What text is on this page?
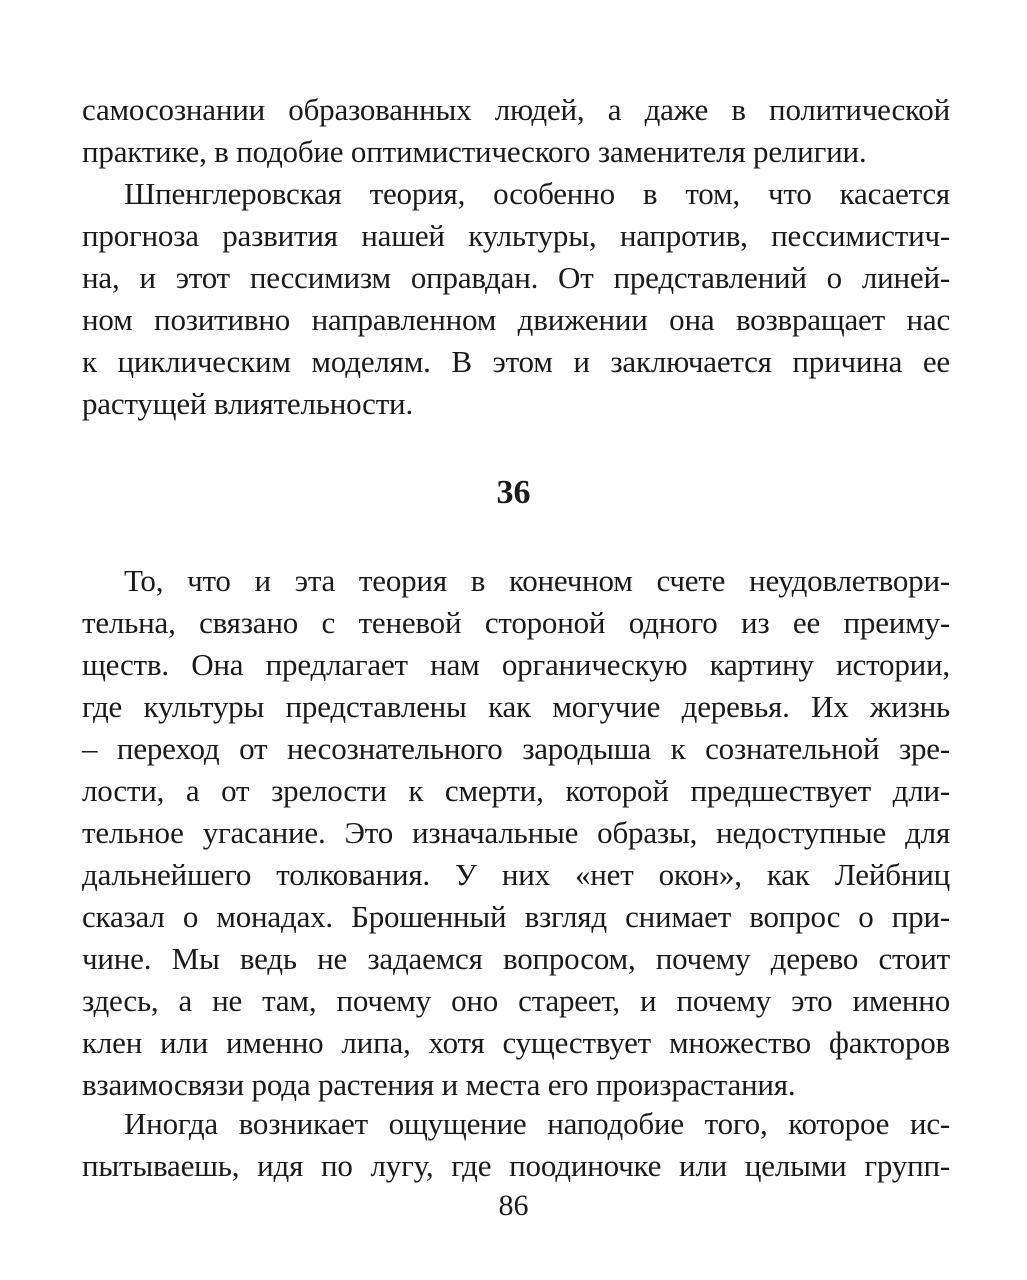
самосознании образованных людей, а даже в политической
практике, в подобие оптимистического заменителя религии.
Шпенглеровская теория, особенно в том, что касается
прогноза развития нашей культуры, напротив, пессимистич-
на, и этот пессимизм оправдан. От представлений о линей-
ном позитивно направленном движении она возвращает нас
к циклическим моделям. В этом и заключается причина ее
растущей влиятельности.
36
То, что и эта теория в конечном счете неудовлетвори-
тельна, связано с теневой стороной одного из ее преиму-
ществ. Она предлагает нам органическую картину истории,
где культуры представлены как могучие деревья. Их жизнь
– переход от несознательного зародыша к сознательной зре-
лости, а от зрелости к смерти, которой предшествует дли-
тельное угасание. Это изначальные образы, недоступные для
дальнейшего толкования. У них «нет окон», как Лейбниц
сказал о монадах. Брошенный взгляд снимает вопрос о при-
чине. Мы ведь не задаемся вопросом, почему дерево стоит
здесь, а не там, почему оно стареет, и почему это именно
клен или именно липа, хотя существует множество факторов
взаимосвязи рода растения и места его произрастания.
Иногда возникает ощущение наподобие того, которое ис-
пытываешь, идя по лугу, где поодиночке или целыми групп-
86
